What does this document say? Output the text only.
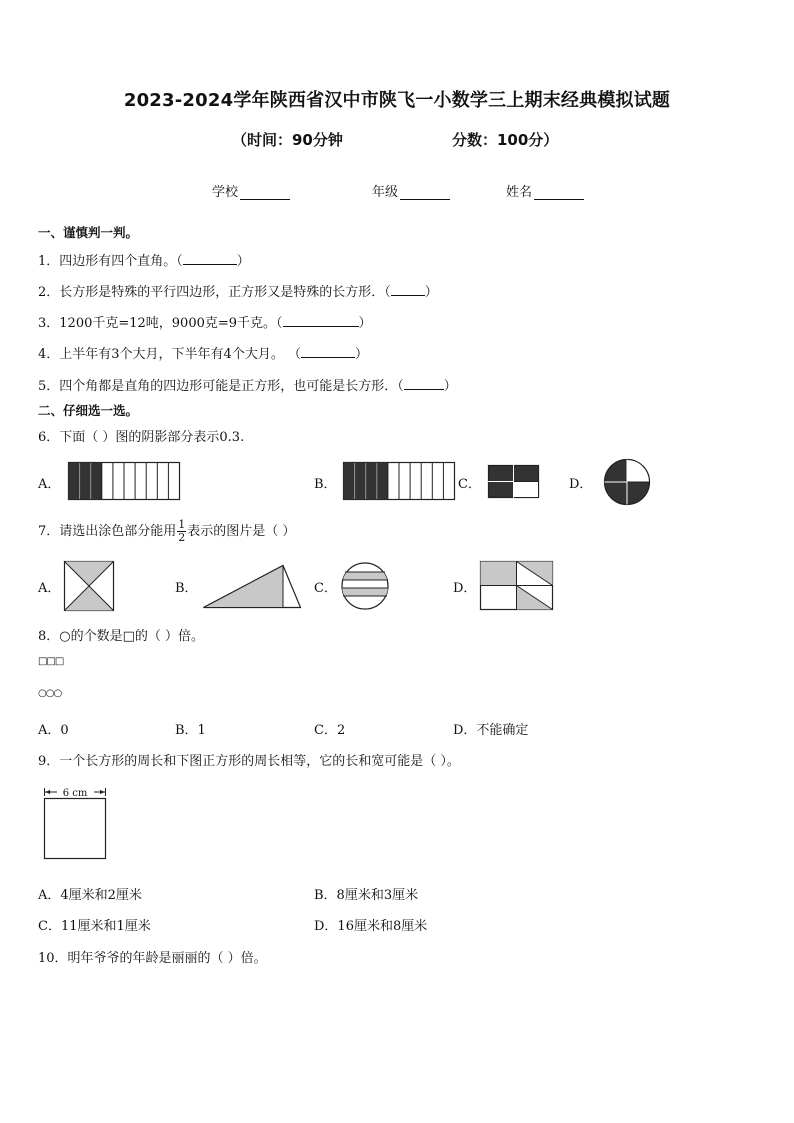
2023-2024学年陕西省汉中市陕飞一小数学三上期末经典模拟试题
（时间：90分钟	分数：100分）
学校	年级	姓名
一、谨慎判一判。
1．四边形有四个直角。（	）
2．长方形是特殊的平行四边形，正方形又是特殊的长方形．（	）
3．1200千克=12吨，9000克=9千克。（	）
4．上半年有3个大月，下半年有4个大月。 （	）
5．四个角都是直角的四边形可能是正方形，也可能是长方形．（	）
二、仔细选一选。
6．下面（ ）图的阴影部分表示0.3.
A．	B．	C．	D．
7．请选出涂色部分能用 $\frac{1}{2}$ 表示的图片是（ ）
A．	B．	C．	D．
8．○的个数是□的（ ）倍。
□□□
○○○
A．0	B．1	C．2	D．不能确定
9．一个长方形的周长和下图正方形的周长相等，它的长和宽可能是（ ）。
6 cm
A．4厘米和2厘米	B．8厘米和3厘米
C．11厘米和1厘米	D．16厘米和8厘米
10．明年爷爷的年龄是丽丽的（ ）倍。
